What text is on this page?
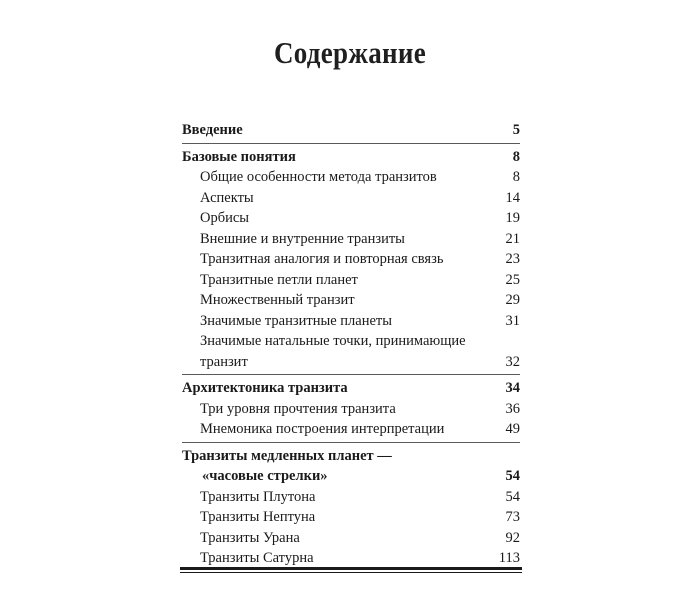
Содержание
Введение	5
Базовые понятия	8
Общие особенности метода транзитов	8
Аспекты	14
Орбисы	19
Внешние и внутренние транзиты	21
Транзитная аналогия и повторная связь	23
Транзитные петли планет	25
Множественный транзит	29
Значимые транзитные планеты	31
Значимые натальные точки, принимающие
транзит	32
Архитектоника транзита	34
Три уровня прочтения транзита	36
Мнемоника построения интерпретации	49
Транзиты медленных планет —
«часовые стрелки»	54
Транзиты Плутона	54
Транзиты Нептуна	73
Транзиты Урана	92
Транзиты Сатурна	113
